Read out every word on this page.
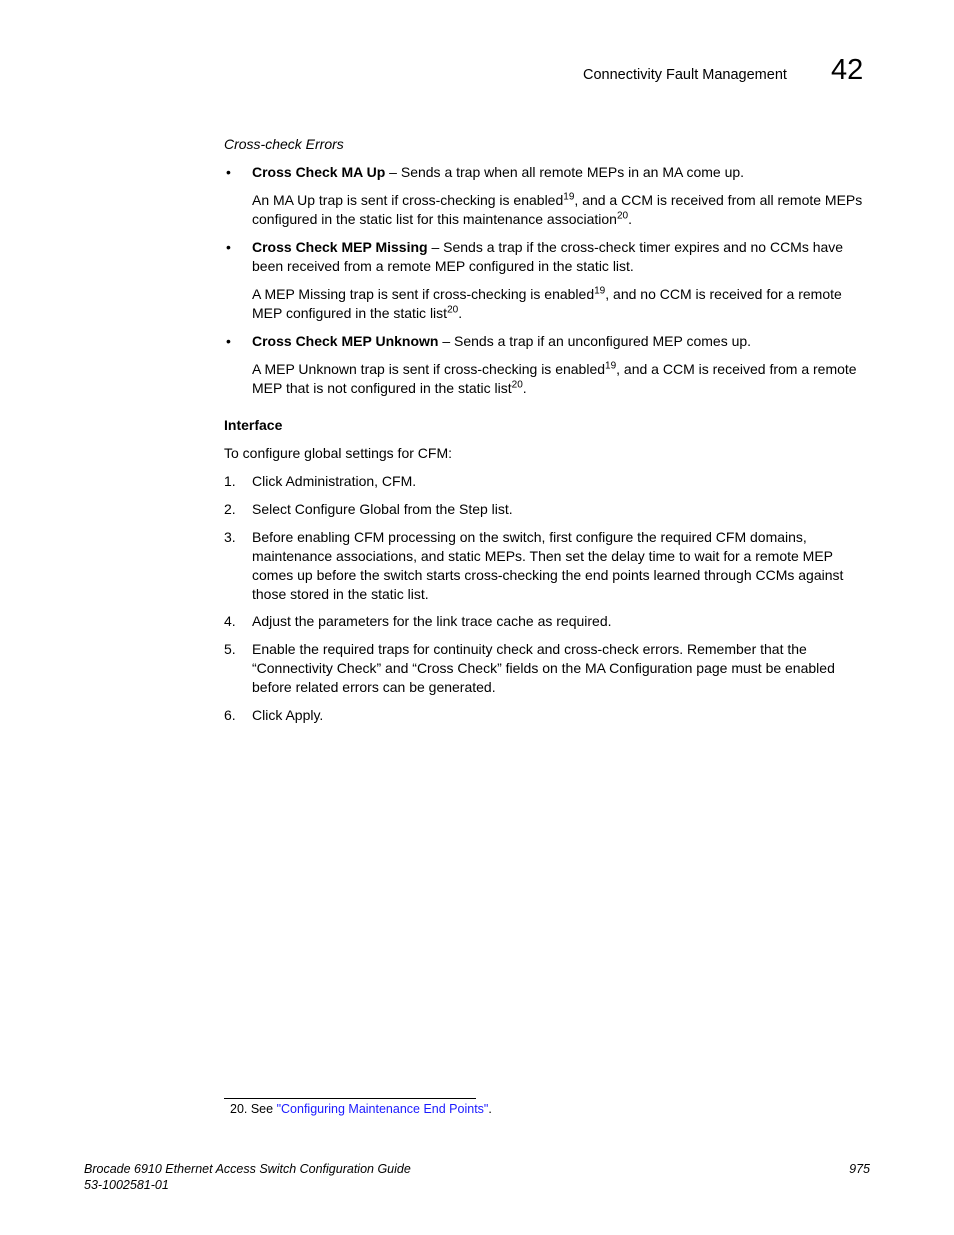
Connectivity Fault Management 42
Cross-check Errors
• Cross Check MA Up – Sends a trap when all remote MEPs in an MA come up.
An MA Up trap is sent if cross-checking is enabled$^{19}$, and a CCM is received from all remote MEPs configured in the static list for this maintenance association$^{20}$.
• Cross Check MEP Missing – Sends a trap if the cross-check timer expires and no CCMs have been received from a remote MEP configured in the static list.
A MEP Missing trap is sent if cross-checking is enabled$^{19}$, and no CCM is received for a remote MEP configured in the static list$^{20}$.
• Cross Check MEP Unknown – Sends a trap if an unconfigured MEP comes up.
A MEP Unknown trap is sent if cross-checking is enabled$^{19}$, and a CCM is received from a remote MEP that is not configured in the static list$^{20}$.
Interface
To configure global settings for CFM:
1.	Click Administration, CFM.
2.	Select Configure Global from the Step list.
3.	Before enabling CFM processing on the switch, first configure the required CFM domains, maintenance associations, and static MEPs. Then set the delay time to wait for a remote MEP comes up before the switch starts cross-checking the end points learned through CCMs against those stored in the static list.
4.	Adjust the parameters for the link trace cache as required.
5.	Enable the required traps for continuity check and cross-check errors. Remember that the “Connectivity Check” and “Cross Check” fields on the MA Configuration page must be enabled before related errors can be generated.
6.	Click Apply.
20. See "Configuring Maintenance End Points".
Brocade 6910 Ethernet Access Switch Configuration Guide
53-1002581-01
975
